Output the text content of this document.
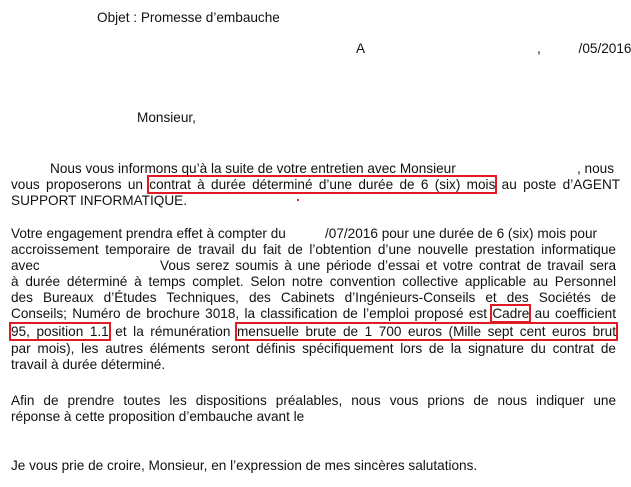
Objet : Promesse d’embauche
A	,          /05/2016
Monsieur,
Nous vous informons qu’à la suite de votre entretien avec Monsieur	, nous
vous proposerons un contrat à durée déterminé d’une durée de 6 (six) mois au poste d’AGENT
SUPPORT INFORMATIQUE.
Votre engagement prendra effet à compter du	/07/2016 pour une durée de 6 (six) mois pour
accroissement temporaire de travail du fait de l’obtention d’une nouvelle prestation informatique
avec	Vous serez soumis à une période d’essai et votre contrat de travail sera
à durée déterminé à temps complet. Selon notre convention collective applicable au Personnel
des Bureaux d’Études Techniques, des Cabinets d’Ingénieurs-Conseils et des Sociétés de
Conseils; Numéro de brochure 3018, la classification de l’emploi proposé est Cadre au coefficient
95, position 1.1 et la rémunération mensuelle brute de 1 700 euros (Mille sept cent euros brut
par mois), les autres éléments seront définis spécifiquement lors de la signature du contrat de
travail à durée déterminé.
Afin de prendre toutes les dispositions préalables, nous vous prions de nous indiquer une
réponse à cette proposition d’embauche avant le
Je vous prie de croire, Monsieur, en l’expression de mes sincères salutations.
